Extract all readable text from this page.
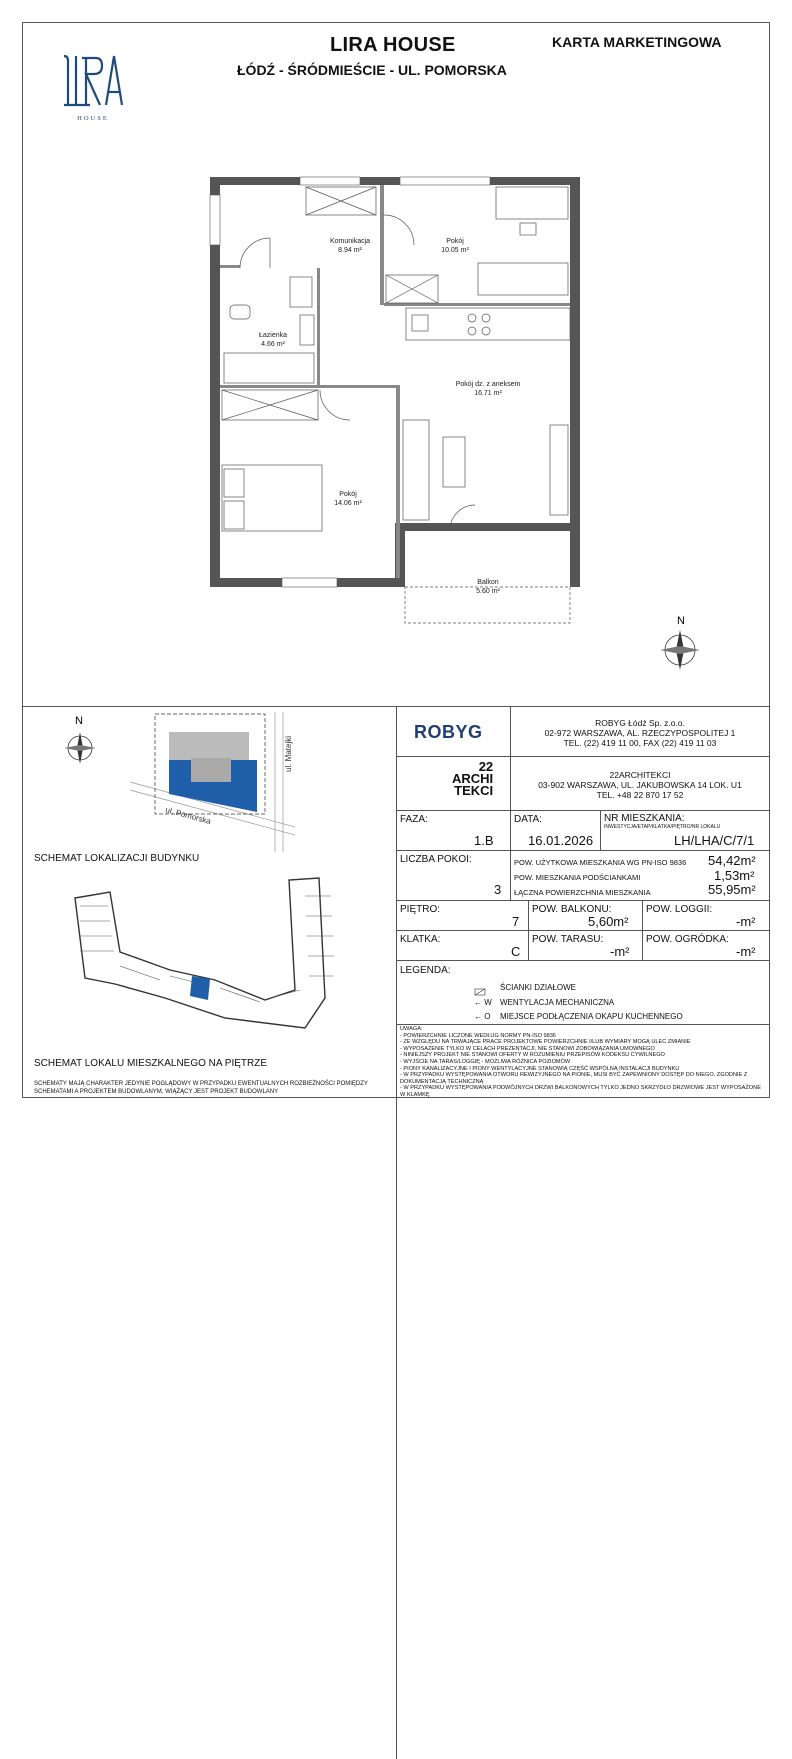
LIRA HOUSE
ŁÓDŹ - ŚRÓDMIEŚCIE - UL. POMORSKA
KARTA MARKETINGOWA
HOUSE
Komunikacja
8.94 m²
Pokój
10.05 m²
Łazienka
4.66 m²
Pokój dz. z aneksem
16.71 m²
Pokój
14.06 m²
Balkon
5.60 m²
N
N
ul. Pomorska
ul. Matejki
SCHEMAT LOKALIZACJI BUDYNKU
SCHEMAT LOKALU MIESZKALNEGO NA PIĘTRZE
SCHEMATY MAJĄ CHARAKTER JEDYNIE POGLĄDOWY W PRZYPADKU EWENTUALNYCH ROZBIEŻNOŚCI POMIĘDZY SCHEMATAMI A PROJEKTEM BUDOWLANYM, WIĄŻĄCY JEST PROJEKT BUDOWLANY
ROBYG	ROBYG Łódź Sp. z.o.o.
02-972 WARSZAWA, AL. RZECZYPOSPOLITEJ 1
TEL. (22) 419 11 00, FAX (22) 419 11 03
22
ARCHI
TEKCI
22ARCHITEKCI
03-902 WARSZAWA, UL. JAKUBOWSKA 14 LOK. U1
TEL. +48 22 870 17 52
FAZA:
1.B
DATA:
16.01.2026
NR MIESZKANIA:
INWESTYCJA/ETAP/KLATKA/PIĘTRO/NR LOKALU
LH/LHA/C/7/1
LICZBA POKOI:
3
POW. UŻYTKOWA MIESZKANIA WG PN-ISO 9836 54,42m²
POW. MIESZKANIA PODŚCIANKAMI	1,53m²
ŁĄCZNA POWIERZCHNIA MIESZKANIA	55,95m²
PIĘTRO:
7
POW. BALKONU:
5,60m²
POW. LOGGII:
-m²
KLATKA:
C
POW. TARASU:
-m²
POW. OGRÓDKA:
-m²
LEGENDA:
ŚCIANKI DZIAŁOWE
← W WENTYLACJA MECHANICZNA
← O MIEJSCE PODŁĄCZENIA OKAPU KUCHENNEGO
UWAGA:
- POWIERZCHNIE LICZONE WEDŁUG NORMY PN-ISO 9836
- ZE WZGLĘDU NA TRWAJĄCE PRACE PROJEKTOWE POWIERZCHNIE I/LUB WYMIARY MOGĄ ULEC ZMIANIE
- WYPOSAŻENIE TYLKO W CELACH PREZENTACJI, NIE STANOWI ZOBOWIĄZANIA UMOWNEGO
- NINIEJSZY PROJEKT NIE STANOWI OFERTY W ROZUMIENIU PRZEPISÓW KODEKSU CYWILNEGO
- WYJŚCIE NA TARAS/LOGGIĘ - MOŻLIWA RÓŻNICA POZIOMÓW
- PIONY KANALIZACYJNE I PIONY WENTYLACYJNE STANOWIĄ CZĘŚĆ WSPÓLNĄ INSTALACJI BUDYNKU
- W PRZYPADKU WYSTĘPOWANIA OTWORU REWIZYJNEGO NA PIONIE, MUSI BYĆ ZAPEWNIONY DOSTĘP DO NIEGO, ZGODNIE Z DOKUMENTACJĄ TECHNICZNĄ
- W PRZYPADKU WYSTĘPOWANIA PODWÓJNYCH DRZWI BALKONOWYCH TYLKO JEDNO SKRZYDŁO DRZWIOWE JEST WYPOSAŻONE W KLAMKĘ
